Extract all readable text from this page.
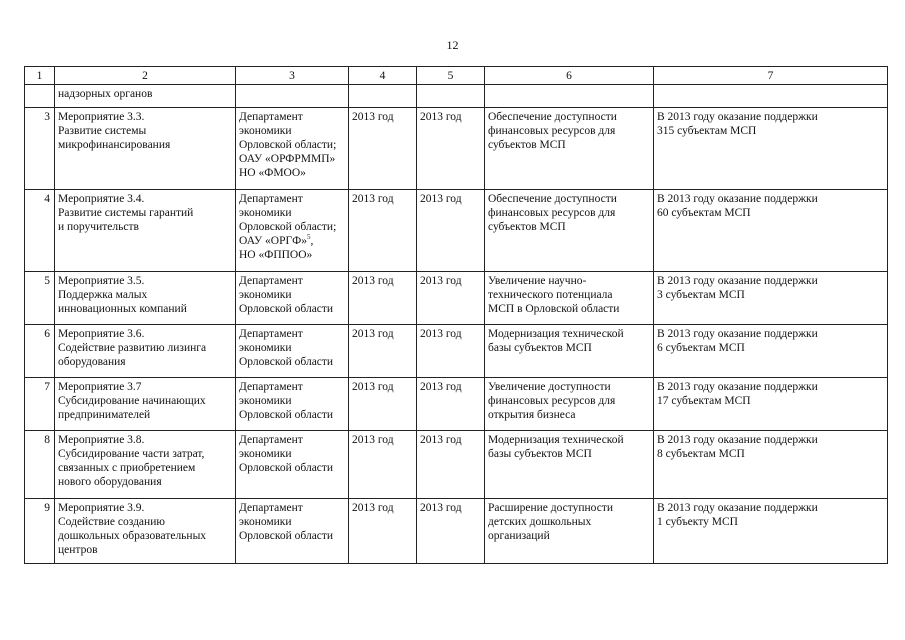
12
1	2	3	4	5	6	7
	надзорных органов					
3	Мероприятие 3.3.
Развитие системы
микрофинансирования	Департамент
экономики
Орловской области;
ОАУ «ОРФРММП»
НО «ФМОО»	2013 год	2013 год	Обеспечение доступности
финансовых ресурсов для
субъектов МСП	В 2013 году оказание поддержки
315 субъектам МСП
4	Мероприятие 3.4.
Развитие системы гарантий
и поручительств	Департамент
экономики
Орловской области;
ОАУ «ОРГФ»$^5$,
НО «ФППОО»	2013 год	2013 год	Обеспечение доступности
финансовых ресурсов для
субъектов МСП	В 2013 году оказание поддержки
60 субъектам МСП
5	Мероприятие 3.5.
Поддержка малых
инновационных компаний	Департамент
экономики
Орловской области	2013 год	2013 год	Увеличение научно-
технического потенциала
МСП в Орловской области	В 2013 году оказание поддержки
3 субъектам МСП
6	Мероприятие 3.6.
Содействие развитию лизинга
оборудования	Департамент
экономики
Орловской области	2013 год	2013 год	Модернизация технической
базы субъектов МСП	В 2013 году оказание поддержки
6 субъектам МСП
7	Мероприятие 3.7
Субсидирование начинающих
предпринимателей	Департамент
экономики
Орловской области	2013 год	2013 год	Увеличение доступности
финансовых ресурсов для
открытия бизнеса	В 2013 году оказание поддержки
17 субъектам МСП
8	Мероприятие 3.8.
Субсидирование части затрат,
связанных с приобретением
нового оборудования	Департамент
экономики
Орловской области	2013 год	2013 год	Модернизация технической
базы субъектов МСП	В 2013 году оказание поддержки
8 субъектам МСП
9	Мероприятие 3.9.
Содействие созданию
дошкольных образовательных
центров	Департамент
экономики
Орловской области	2013 год	2013 год	Расширение доступности
детских дошкольных
организаций	В 2013 году оказание поддержки
1 субъекту МСП
